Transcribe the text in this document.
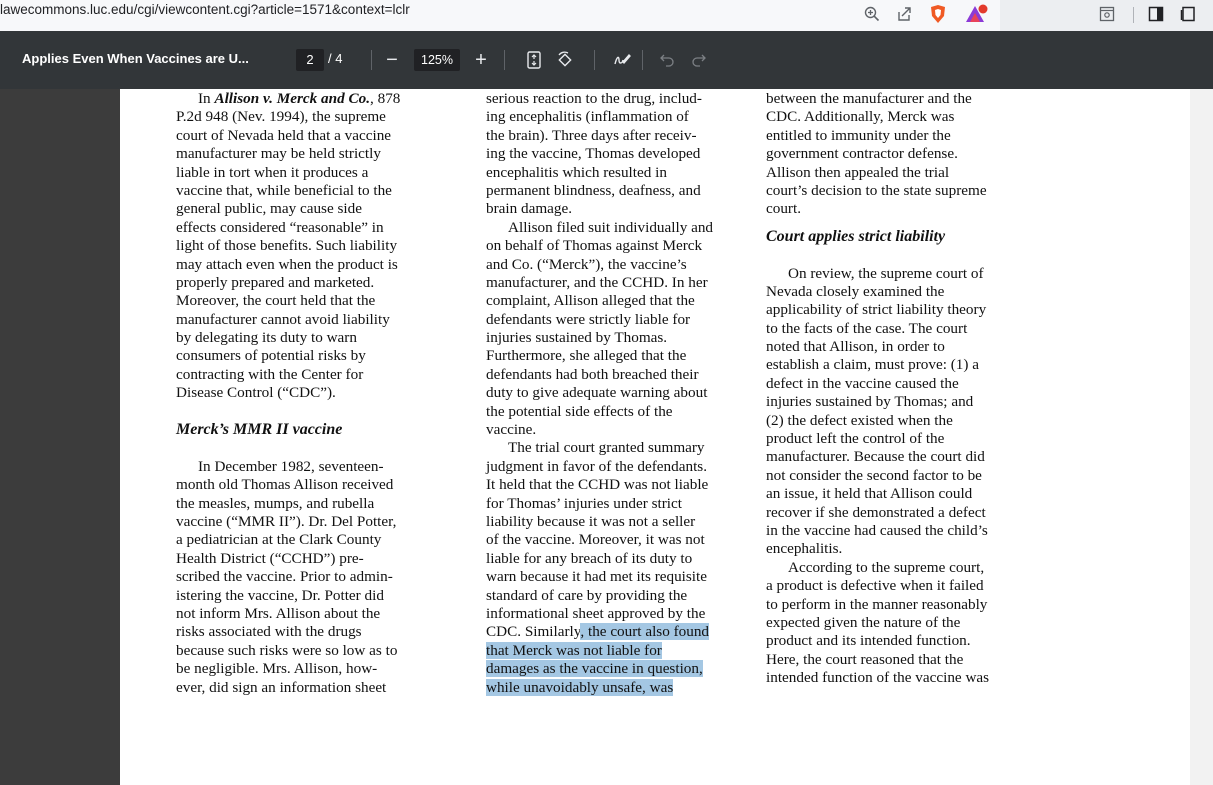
lawecommons.luc.edu/cgi/viewcontent.cgi?article=1571&context=lclr
Applies Even When Vaccines are U...	2	/ 4 −	125%	+
In Allison v. Merck and Co., 878
P.2d 948 (Nev. 1994), the supreme
court of Nevada held that a vaccine
manufacturer may be held strictly
liable in tort when it produces a
vaccine that, while beneficial to the
general public, may cause side
effects considered “reasonable” in
light of those benefits. Such liability
may attach even when the product is
properly prepared and marketed.
Moreover, the court held that the
manufacturer cannot avoid liability
by delegating its duty to warn
consumers of potential risks by
contracting with the Center for
Disease Control (“CDC”).
Merck’s MMR II vaccine
In December 1982, seventeen-
month old Thomas Allison received
the measles, mumps, and rubella
vaccine (“MMR II”). Dr. Del Potter,
a pediatrician at the Clark County
Health District (“CCHD”) pre-
scribed the vaccine. Prior to admin-
istering the vaccine, Dr. Potter did
not inform Mrs. Allison about the
risks associated with the drugs
because such risks were so low as to
be negligible. Mrs. Allison, how-
ever, did sign an information sheet
serious reaction to the drug, includ-
ing encephalitis (inflammation of
the brain). Three days after receiv-
ing the vaccine, Thomas developed
encephalitis which resulted in
permanent blindness, deafness, and
brain damage.
Allison filed suit individually and
on behalf of Thomas against Merck
and Co. (“Merck”), the vaccine’s
manufacturer, and the CCHD. In her
complaint, Allison alleged that the
defendants were strictly liable for
injuries sustained by Thomas.
Furthermore, she alleged that the
defendants had both breached their
duty to give adequate warning about
the potential side effects of the
vaccine.
The trial court granted summary
judgment in favor of the defendants.
It held that the CCHD was not liable
for Thomas’ injuries under strict
liability because it was not a seller
of the vaccine. Moreover, it was not
liable for any breach of its duty to
warn because it had met its requisite
standard of care by providing the
informational sheet approved by the
CDC. Similarly, the court also found
that Merck was not liable for
damages as the vaccine in question,
while unavoidably unsafe, was
between the manufacturer and the
CDC. Additionally, Merck was
entitled to immunity under the
government contractor defense.
Allison then appealed the trial
court’s decision to the state supreme
court.
Court applies strict liability
On review, the supreme court of
Nevada closely examined the
applicability of strict liability theory
to the facts of the case. The court
noted that Allison, in order to
establish a claim, must prove: (1) a
defect in the vaccine caused the
injuries sustained by Thomas; and
(2) the defect existed when the
product left the control of the
manufacturer. Because the court did
not consider the second factor to be
an issue, it held that Allison could
recover if she demonstrated a defect
in the vaccine had caused the child’s
encephalitis.
According to the supreme court,
a product is defective when it failed
to perform in the manner reasonably
expected given the nature of the
product and its intended function.
Here, the court reasoned that the
intended function of the vaccine was
